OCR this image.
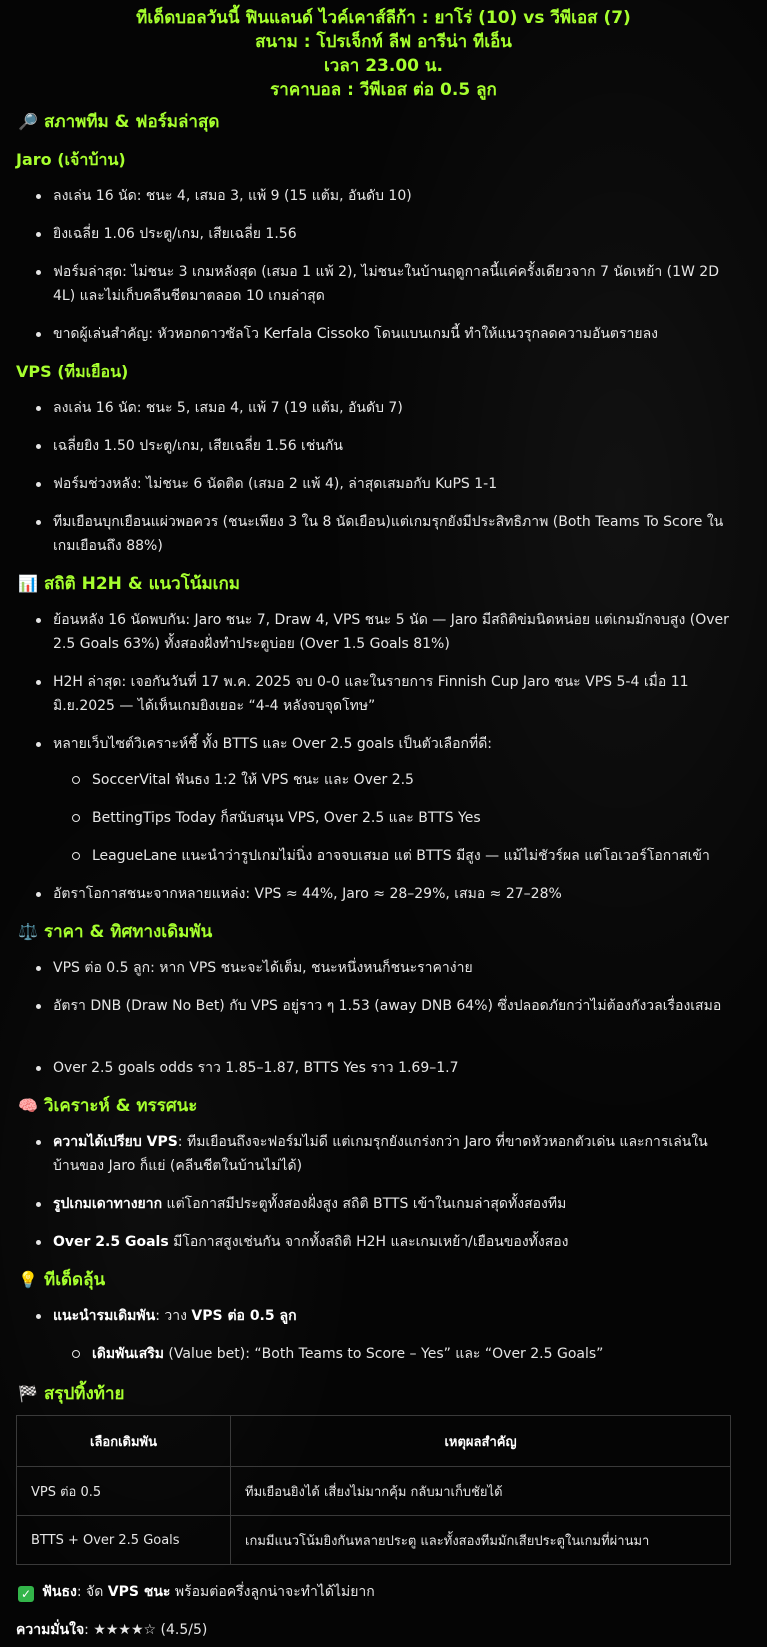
ทีเด็ดบอลวันนี้ ฟินแลนด์ ไวค์เคาส์ลีก้า : ยาโร่ (10) vs วีพีเอส (7)
สนาม : โปรเจ็กท์ ลีฟ อารีน่า ทีเอ็น
เวลา 23.00 น.
ราคาบอล : วีพีเอส ต่อ 0.5 ลูก
🔎 สภาพทีม & ฟอร์มล่าสุด
Jaro (เจ้าบ้าน)
ลงเล่น 16 นัด: ชนะ 4, เสมอ 3, แพ้ 9 (15 แต้ม, อันดับ 10)
ยิงเฉลี่ย 1.06 ประตู/เกม, เสียเฉลี่ย 1.56
ฟอร์มล่าสุด: ไม่ชนะ 3 เกมหลังสุด (เสมอ 1 แพ้ 2), ไม่ชนะในบ้านฤดูกาลนี้แค่ครั้งเดียวจาก 7 นัดเหย้า (1W 2D 4L) และไม่เก็บคลีนชีตมาตลอด 10 เกมล่าสุด
ขาดผู้เล่นสำคัญ: หัวหอกดาวซัลโว Kerfala Cissoko โดนแบนเกมนี้ ทำให้แนวรุกลดความอันตรายลง
VPS (ทีมเยือน)
ลงเล่น 16 นัด: ชนะ 5, เสมอ 4, แพ้ 7 (19 แต้ม, อันดับ 7)
เฉลี่ยยิง 1.50 ประตู/เกม, เสียเฉลี่ย 1.56 เช่นกัน
ฟอร์มช่วงหลัง: ไม่ชนะ 6 นัดติด (เสมอ 2 แพ้ 4), ล่าสุดเสมอกับ KuPS 1-1
ทีมเยือนบุกเยือนแผ่วพอควร (ชนะเพียง 3 ใน 8 นัดเยือน)แต่เกมรุกยังมีประสิทธิภาพ (Both Teams To Score ในเกมเยือนถึง 88%)
📊 สถิติ H2H & แนวโน้มเกม
ย้อนหลัง 16 นัดพบกัน: Jaro ชนะ 7, Draw 4, VPS ชนะ 5 นัด — Jaro มีสถิติข่มนิดหน่อย แต่เกมมักจบสูง (Over 2.5 Goals 63%) ทั้งสองฝั่งทำประตูบ่อย (Over 1.5 Goals 81%)
H2H ล่าสุด: เจอกันวันที่ 17 พ.ค. 2025 จบ 0-0 และในรายการ Finnish Cup Jaro ชนะ VPS 5-4 เมื่อ 11 มิ.ย.2025 — ได้เห็นเกมยิงเยอะ “4-4 หลังจบจุดโทษ”
หลายเว็บไซต์วิเคราะห์ชี้ ทั้ง BTTS และ Over 2.5 goals เป็นตัวเลือกที่ดี:
SoccerVital ฟันธง 1:2 ให้ VPS ชนะ และ Over 2.5
BettingTips Today ก็สนับสนุน VPS, Over 2.5 และ BTTS Yes
LeagueLane แนะนำว่ารูปเกมไม่นิ่ง อาจจบเสมอ แต่ BTTS มีสูง — แม้ไม่ชัวร์ผล แต่โอเวอร์โอกาสเข้า
อัตราโอกาสชนะจากหลายแหล่ง: VPS ≈ 44%, Jaro ≈ 28–29%, เสมอ ≈ 27–28%
⚖️ ราคา & ทิศทางเดิมพัน
VPS ต่อ 0.5 ลูก: หาก VPS ชนะจะได้เต็ม, ชนะหนึ่งหนก็ชนะราคาง่าย
อัตรา DNB (Draw No Bet) กับ VPS อยู่ราว ๆ 1.53 (away DNB 64%) ซึ่งปลอดภัยกว่าไม่ต้องกังวลเรื่องเสมอ
Over 2.5 goals odds ราว 1.85–1.87, BTTS Yes ราว 1.69–1.7
🧠 วิเคราะห์ & ทรรศนะ
ความได้เปรียบ VPS: ทีมเยือนถึงจะฟอร์มไม่ดี แต่เกมรุกยังแกร่งกว่า Jaro ที่ขาดหัวหอกตัวเด่น และการเล่นในบ้านของ Jaro ก็แย่ (คลีนชีตในบ้านไม่ได้)
รูปเกมเดาทางยาก แต่โอกาสมีประตูทั้งสองฝั่งสูง สถิติ BTTS เข้าในเกมล่าสุดทั้งสองทีม
Over 2.5 Goals มีโอกาสสูงเช่นกัน จากทั้งสถิติ H2H และเกมเหย้า/เยือนของทั้งสอง
💡 ทีเด็ดลุ้น
แนะนำรมเดิมพัน: วาง VPS ต่อ 0.5 ลูก
เดิมพันเสริม (Value bet): “Both Teams to Score – Yes” และ “Over 2.5 Goals”
🏁 สรุปทิ้งท้าย
เลือกเดิมพัน	เหตุผลสำคัญ
VPS ต่อ 0.5	ทีมเยือนยิงได้ เสี่ยงไม่มากคุ้ม กลับมาเก็บชัยได้
BTTS + Over 2.5 Goals	เกมมีแนวโน้มยิงกันหลายประตู และทั้งสองทีมมักเสียประตูในเกมที่ผ่านมา
✓ ฟันธง: จัด VPS ชนะ พร้อมต่อครึ่งลูกน่าจะทำได้ไม่ยาก
ความมั่นใจ: ★★★★☆ (4.5/5)
